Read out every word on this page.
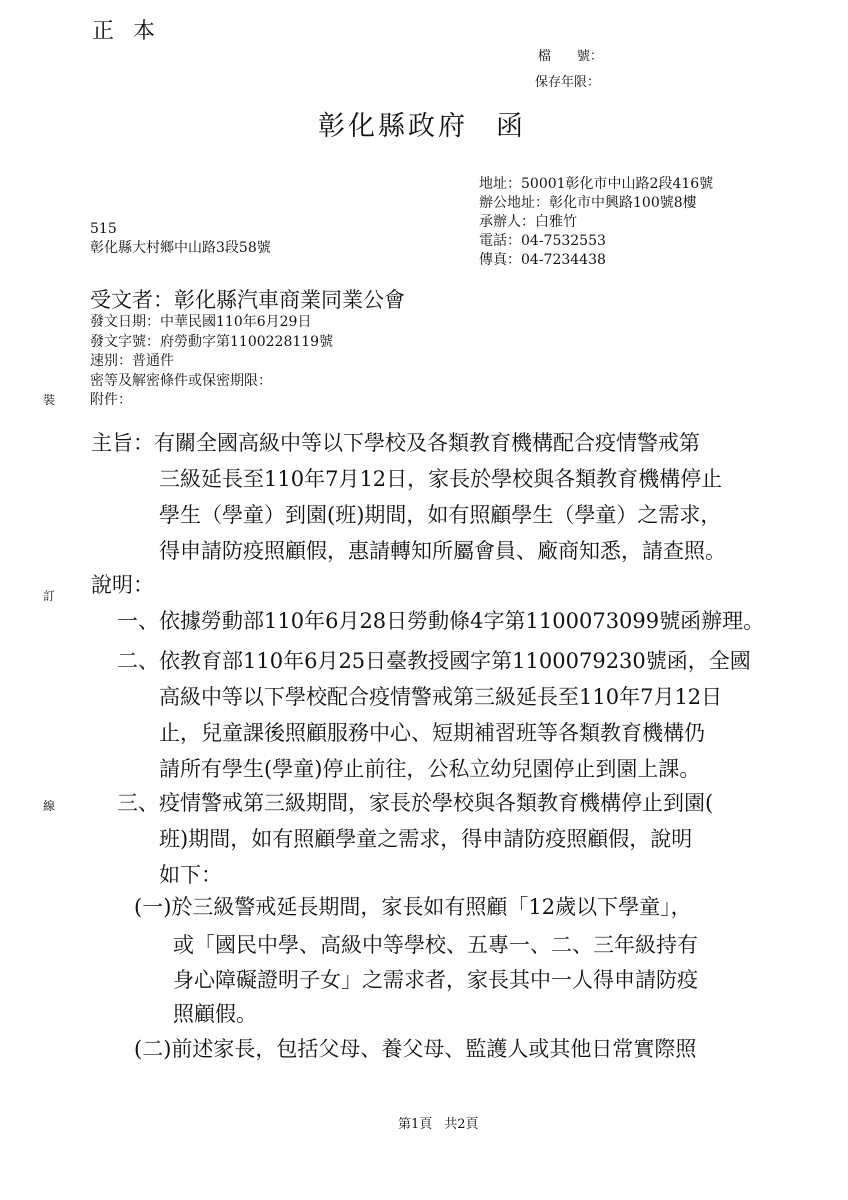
正 本
檔　　號：
保存年限：
彰化縣政府 函
地址：50001彰化市中山路2段416號
辦公地址：彰化市中興路100號8樓
承辦人：白雅竹
電話：04-7532553
傳真：04-7234438
515
彰化縣大村鄉中山路3段58號
受文者：彰化縣汽車商業同業公會
發文日期：中華民國110年6月29日
發文字號：府勞動字第1100228119號
速別：普通件
密等及解密條件或保密期限：
附件：
裝
訂
線
主旨：有關全國高級中等以下學校及各類教育機構配合疫情警戒第
三級延長至110年7月12日，家長於學校與各類教育機構停止
學生（學童）到園(班)期間，如有照顧學生（學童）之需求，
得申請防疫照顧假，惠請轉知所屬會員、廠商知悉，請查照。
說明：
一、依據勞動部110年6月28日勞動條4字第1100073099號函辦理。
二、依教育部110年6月25日臺教授國字第1100079230號函，全國
高級中等以下學校配合疫情警戒第三級延長至110年7月12日
止，兒童課後照顧服務中心、短期補習班等各類教育機構仍
請所有學生(學童)停止前往，公私立幼兒園停止到園上課。
三、疫情警戒第三級期間，家長於學校與各類教育機構停止到園(
班)期間，如有照顧學童之需求，得申請防疫照顧假，說明
如下：
(一)於三級警戒延長期間，家長如有照顧「12歲以下學童」，
或「國民中學、高級中等學校、五專一、二、三年級持有
身心障礙證明子女」之需求者，家長其中一人得申請防疫
照顧假。
(二)前述家長，包括父母、養父母、監護人或其他日常實際照
第1頁 共2頁
